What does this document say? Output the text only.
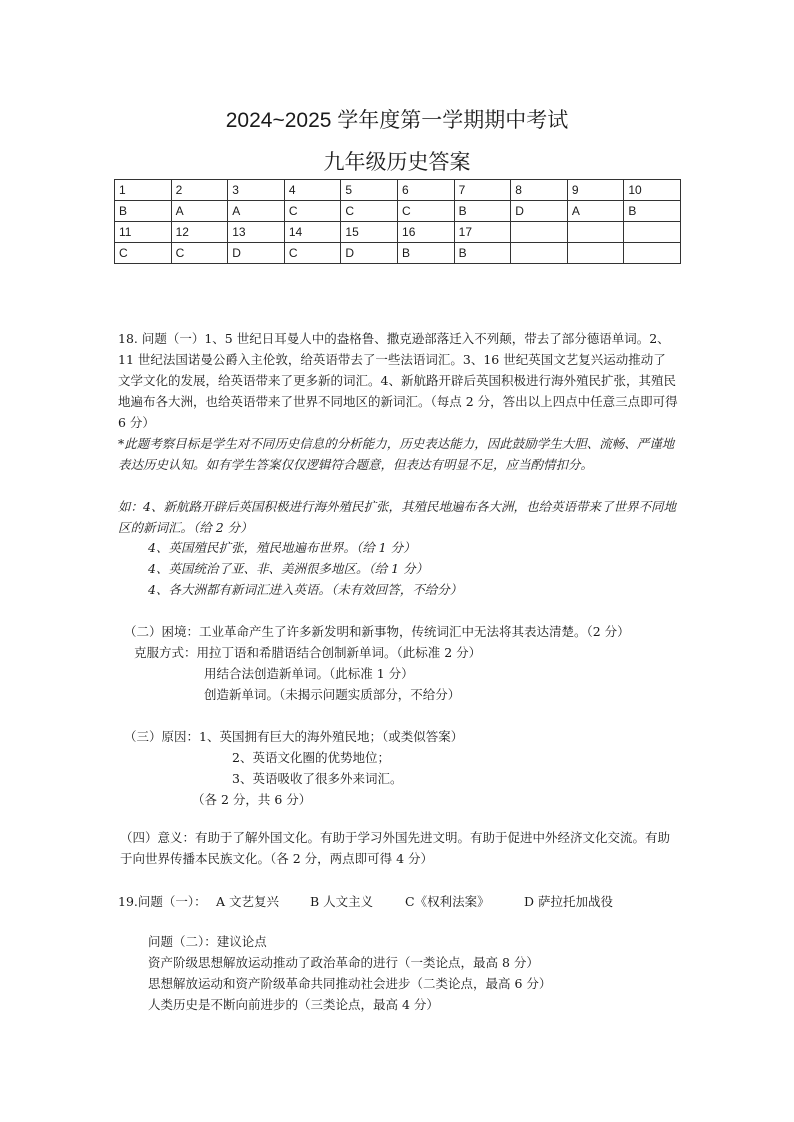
2024~2025 学年度第一学期期中考试
九年级历史答案
1	2	3	4	5	6	7	8	9	10
B	A	A	C	C	C	B	D	A	B
11	12	13	14	15	16	17			
C	C	D	C	D	B	B			
18. 问题（一）1、5 世纪日耳曼人中的盎格鲁、撒克逊部落迁入不列颠，带去了部分德语单词。2、11 世纪法国诺曼公爵入主伦敦，给英语带去了一些法语词汇。3、16 世纪英国文艺复兴运动推动了文学文化的发展，给英语带来了更多新的词汇。4、新航路开辟后英国积极进行海外殖民扩张，其殖民地遍布各大洲，也给英语带来了世界不同地区的新词汇。（每点 2 分，答出以上四点中任意三点即可得 6 分）
*此题考察目标是学生对不同历史信息的分析能力，历史表达能力，因此鼓励学生大胆、流畅、严谨地表达历史认知。如有学生答案仅仅逻辑符合题意，但表达有明显不足，应当酌情扣分。
如：4、新航路开辟后英国积极进行海外殖民扩张，其殖民地遍布各大洲，也给英语带来了世界不同地区的新词汇。（给 2 分）
4、英国殖民扩张，殖民地遍布世界。（给 1 分）
4、英国统治了亚、非、美洲很多地区。（给 1 分）
4、各大洲都有新词汇进入英语。（未有效回答，不给分）
（二）困境：工业革命产生了许多新发明和新事物，传统词汇中无法将其表达清楚。（2 分）
克服方式：用拉丁语和希腊语结合创制新单词。（此标准 2 分）
用结合法创造新单词。（此标准 1 分）
创造新单词。（未揭示问题实质部分，不给分）
（三）原因：1、英国拥有巨大的海外殖民地；（或类似答案）
2、英语文化圈的优势地位；
3、英语吸收了很多外来词汇。
（各 2 分，共 6 分）
（四）意义：有助于了解外国文化。有助于学习外国先进文明。有助于促进中外经济文化交流。有助于向世界传播本民族文化。（各 2 分，两点即可得 4 分）
19.问题（一）： A 文艺复兴 B 人文主义	C《权利法案》	D 萨拉托加战役
问题（二）：建议论点
资产阶级思想解放运动推动了政治革命的进行（一类论点，最高 8 分）
思想解放运动和资产阶级革命共同推动社会进步（二类论点，最高 6 分）
人类历史是不断向前进步的（三类论点，最高 4 分）
